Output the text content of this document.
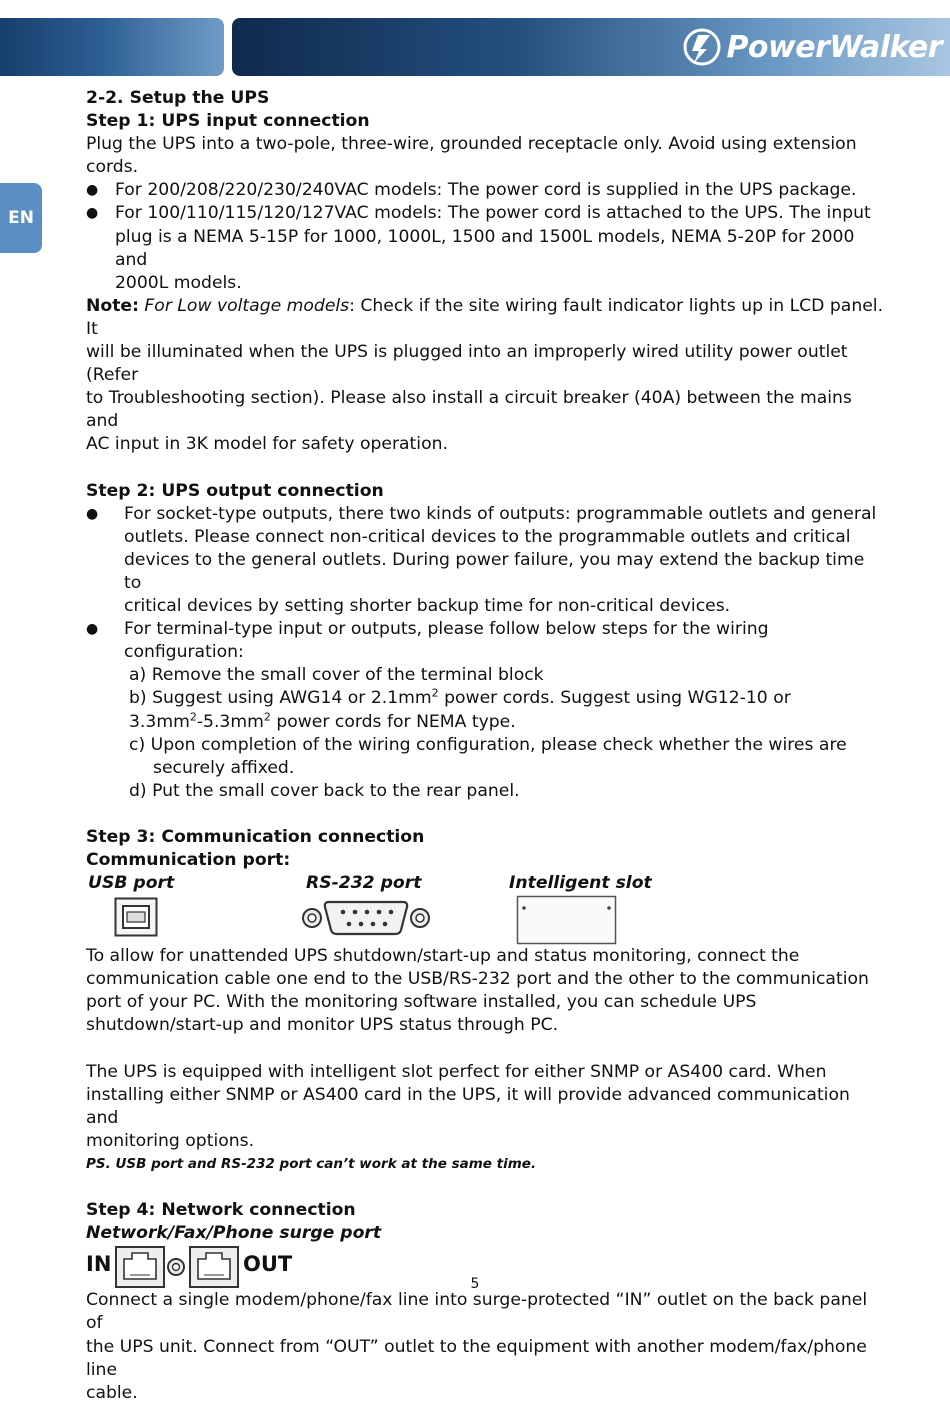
PowerWalker
EN

2-2. Setup the UPS

Step 1: UPS input connection

Plug the UPS into a two-pole, three-wire, grounded receptacle only. Avoid using extension

cords.

● For 200/208/220/230/240VAC models: The power cord is supplied in the UPS package.

● For 100/110/115/120/127VAC models: The power cord is attached to the UPS. The input

plug is a NEMA 5-15P for 1000, 1000L, 1500 and 1500L models, NEMA 5-20P for 2000 and

2000L models.

Note: For Low voltage models: Check if the site wiring fault indicator lights up in LCD panel. It

will be illuminated when the UPS is plugged into an improperly wired utility power outlet (Refer

to Troubleshooting section). Please also install a circuit breaker (40A) between the mains and

AC input in 3K model for safety operation.

Step 2: UPS output connection

● For socket-type outputs, there two kinds of outputs: programmable outlets and general

outlets. Please connect non-critical devices to the programmable outlets and critical

devices to the general outlets. During power failure, you may extend the backup time to

critical devices by setting shorter backup time for non-critical devices.

● For terminal-type input or outputs, please follow below steps for the wiring configuration:

a) Remove the small cover of the terminal block

b) Suggest using AWG14 or $2.1mm^2$ power cords. Suggest using WG12-10 or

$3.3mm^2-5.3mm^2$ power cords for NEMA type.

c) Upon completion of the wiring configuration, please check whether the wires are

securely affixed.

d) Put the small cover back to the rear panel.

Step 3: Communication connection

Communication port:

USB port	RS-232 port	Intelligent slot

To allow for unattended UPS shutdown/start-up and status monitoring, connect the

communication cable one end to the USB/RS-232 port and the other to the communication

port of your PC. With the monitoring software installed, you can schedule UPS

shutdown/start-up and monitor UPS status through PC.

The UPS is equipped with intelligent slot perfect for either SNMP or AS400 card. When

installing either SNMP or AS400 card in the UPS, it will provide advanced communication and

monitoring options.

PS. USB port and RS-232 port can’t work at the same time.

Step 4: Network connection

Network/Fax/Phone surge port

IN	OUT

Connect a single modem/phone/fax line into surge-protected “IN” outlet on the back panel of

the UPS unit. Connect from “OUT” outlet to the equipment with another modem/fax/phone line

cable.

5
